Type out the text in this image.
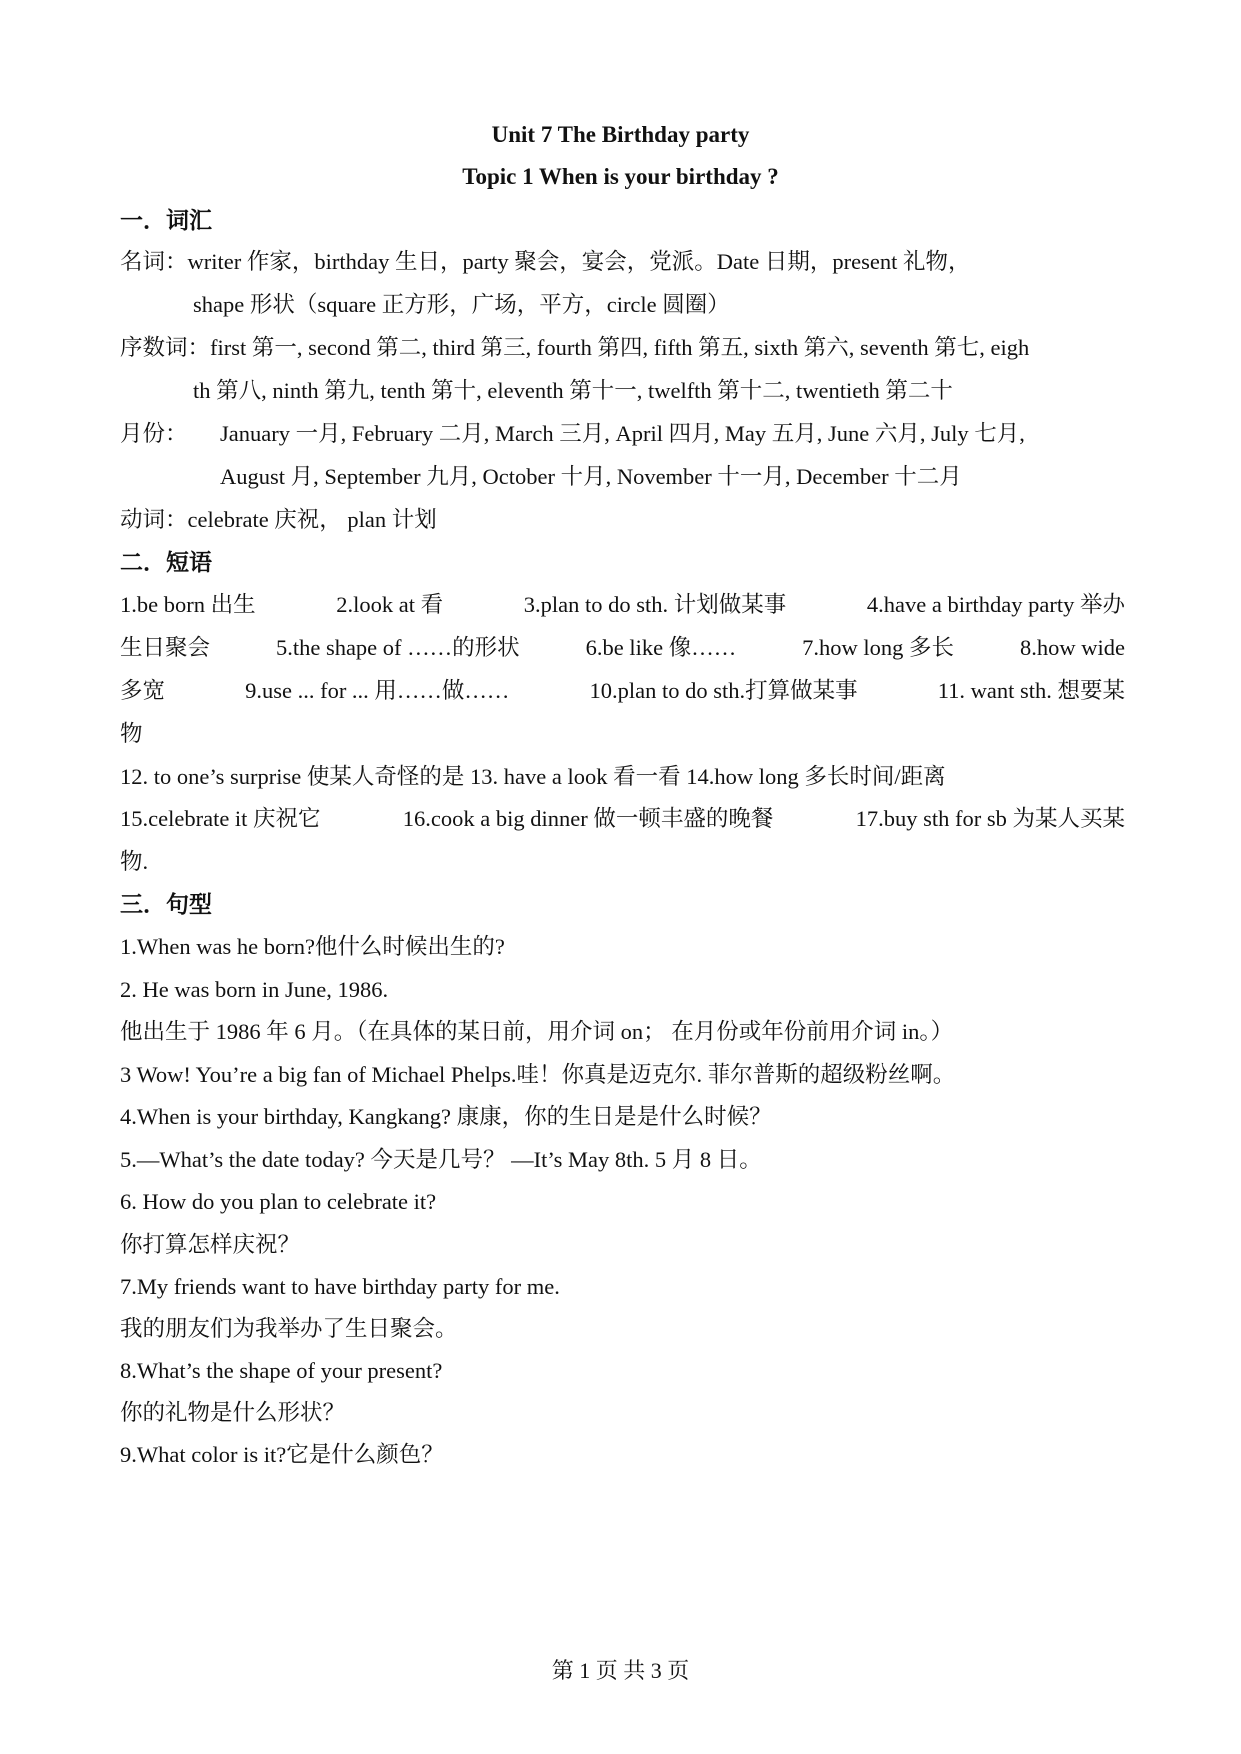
Unit 7 The Birthday party
Topic 1 When is your birthday ?
一．词汇
名词：writer 作家，birthday 生日，party 聚会，宴会，党派。Date 日期，present 礼物，
shape 形状（square 正方形，广场，平方，circle 圆圈）
序数词：first 第一, second 第二, third 第三, fourth 第四, fifth 第五, sixth 第六, seventh 第七, eigh
th 第八, ninth 第九, tenth 第十, eleventh 第十一, twelfth 第十二, twentieth 第二十
月份： January 一月, February 二月, March 三月, April 四月, May 五月, June 六月, July 七月,
August 月, September 九月, October 十月, November 十一月, December 十二月
动词：celebrate 庆祝， plan 计划
二．短语
1.be born 出生	2.look at 看	3.plan to do sth. 计划做某事	4.have a birthday party 举办
生日聚会	5.the shape of ……的形状	6.be like 像……	7.how long 多长	8.how wide
多宽	9.use ... for ... 用……做……	10.plan to do sth.打算做某事	11. want sth. 想要某
物
12. to one’s surprise 使某人奇怪的是 13. have a look 看一看 14.how long 多长时间/距离
15.celebrate it 庆祝它	16.cook a big dinner 做一顿丰盛的晚餐	17.buy sth for sb 为某人买某
物.
三．句型
1.When was he born?他什么时候出生的?
2. He was born in June, 1986.
他出生于 1986 年 6 月。（在具体的某日前，用介词 on； 在月份或年份前用介词 in。）
3 Wow! You’re a big fan of Michael Phelps.哇！你真是迈克尔. 菲尔普斯的超级粉丝啊。
4.When is your birthday, Kangkang? 康康，你的生日是是什么时候？
5.—What’s the date today? 今天是几号？ —It’s May 8th. 5 月 8 日。
6. How do you plan to celebrate it?
你打算怎样庆祝？
7.My friends want to have birthday party for me.
我的朋友们为我举办了生日聚会。
8.What’s the shape of your present?
你的礼物是什么形状？
9.What color is it?它是什么颜色？
第 1 页 共 3 页
